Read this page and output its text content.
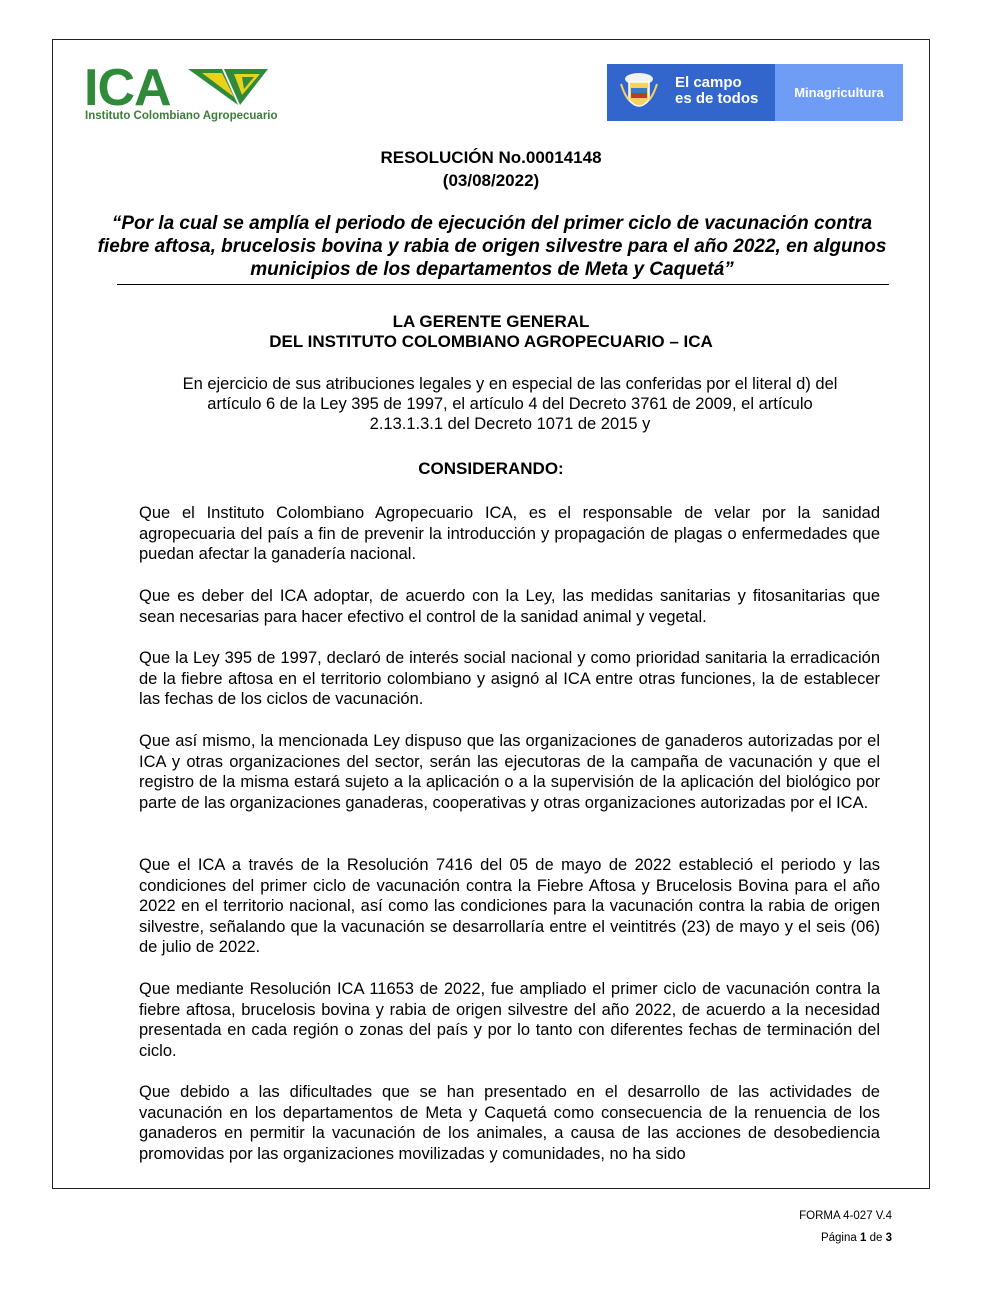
ICA
Instituto Colombiano Agropecuario
El campo
es de todos	Minagricultura
RESOLUCIÓN No.00014148
(03/08/2022)
“Por la cual se amplía el periodo de ejecución del primer ciclo de vacunación contra
fiebre aftosa, brucelosis bovina y rabia de origen silvestre para el año 2022, en algunos
municipios de los departamentos de Meta y Caquetá”
LA GERENTE GENERAL
DEL INSTITUTO COLOMBIANO AGROPECUARIO – ICA
En ejercicio de sus atribuciones legales y en especial de las conferidas por el literal d) del
artículo 6 de la Ley 395 de 1997, el artículo 4 del Decreto 3761 de 2009, el artículo
2.13.1.3.1 del Decreto 1071 de 2015 y
CONSIDERANDO:

Que el Instituto Colombiano Agropecuario ICA, es el responsable de velar por la sanidad agropecuaria del país a fin de prevenir la introducción y propagación de plagas o enfermedades que puedan afectar la ganadería nacional.

Que es deber del ICA adoptar, de acuerdo con la Ley, las medidas sanitarias y fitosanitarias que sean necesarias para hacer efectivo el control de la sanidad animal y vegetal.

Que la Ley 395 de 1997, declaró de interés social nacional y como prioridad sanitaria la erradicación de la fiebre aftosa en el territorio colombiano y asignó al ICA entre otras funciones, la de establecer las fechas de los ciclos de vacunación.

Que así mismo, la mencionada Ley dispuso que las organizaciones de ganaderos autorizadas por el ICA y otras organizaciones del sector, serán las ejecutoras de la campaña de vacunación y que el registro de la misma estará sujeto a la aplicación o a la supervisión de la aplicación del biológico por parte de las organizaciones ganaderas, cooperativas y otras organizaciones autorizadas por el ICA.

Que el ICA a través de la Resolución 7416 del 05 de mayo de 2022 estableció el periodo y las condiciones del primer ciclo de vacunación contra la Fiebre Aftosa y Brucelosis Bovina para el año 2022 en el territorio nacional, así como las condiciones para la vacunación contra la rabia de origen silvestre, señalando que la vacunación se desarrollaría entre el veintitrés (23) de mayo y el seis (06) de julio de 2022.

Que mediante Resolución ICA 11653 de 2022, fue ampliado el primer ciclo de vacunación contra la fiebre aftosa, brucelosis bovina y rabia de origen silvestre del año 2022, de acuerdo a la necesidad presentada en cada región o zonas del país y por lo tanto con diferentes fechas de terminación del ciclo.

Que debido a las dificultades que se han presentado en el desarrollo de las actividades de vacunación en los departamentos de Meta y Caquetá como consecuencia de la renuencia de los ganaderos en permitir la vacunación de los animales, a causa de las acciones de desobediencia promovidas por las organizaciones movilizadas y comunidades, no ha sido

FORMA 4-027 V.4
Página 1 de 3
